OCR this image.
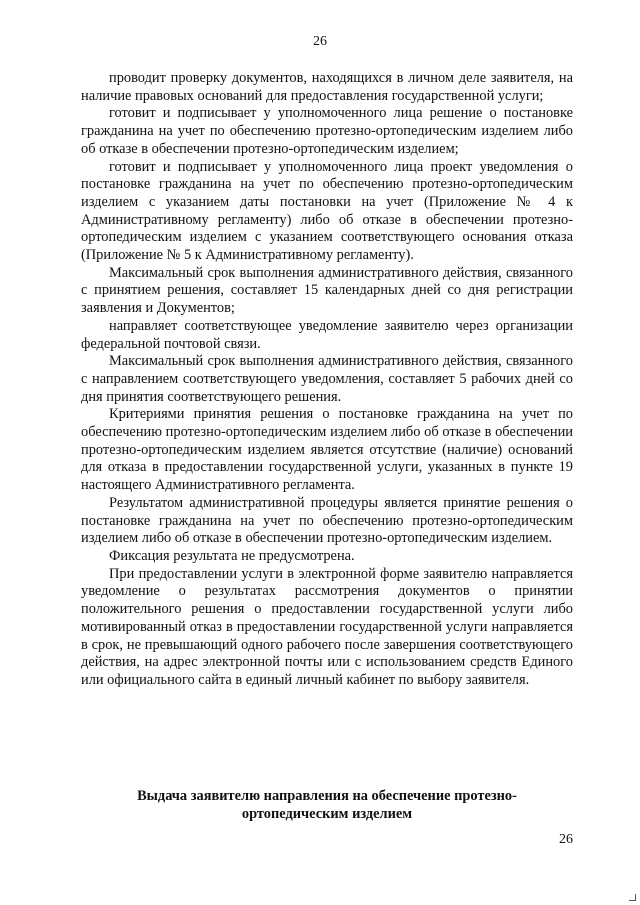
26

проводит проверку документов, находящихся в личном деле заявителя, на наличие правовых оснований для предоставления государственной услуги;

готовит и подписывает у уполномоченного лица решение о постановке гражданина на учет по обеспечению протезно-ортопедическим изделием либо об отказе в обеспечении протезно-ортопедическим изделием;

готовит и подписывает у уполномоченного лица проект уведомления о постановке гражданина на учет по обеспечению протезно-ортопедическим изделием с указанием даты постановки на учет (Приложение № 4 к Административному регламенту) либо об отказе в обеспечении протезно-ортопедическим изделием с указанием соответствующего основания отказа (Приложение № 5 к Административному регламенту).

Максимальный срок выполнения административного действия, связанного с принятием решения, составляет 15 календарных дней со дня регистрации заявления и Документов;

направляет соответствующее уведомление заявителю через организации федеральной почтовой связи.

Максимальный срок выполнения административного действия, связанного с направлением соответствующего уведомления, составляет 5 рабочих дней со дня принятия соответствующего решения.

Критериями принятия решения о постановке гражданина на учет по обеспечению протезно-ортопедическим изделием либо об отказе в обеспечении протезно-ортопедическим изделием является отсутствие (наличие) оснований для отказа в предоставлении государственной услуги, указанных в пункте 19 настоящего Административного регламента.

Результатом административной процедуры является принятие решения о постановке гражданина на учет по обеспечению протезно-ортопедическим изделием либо об отказе в обеспечении протезно-ортопедическим изделием.

Фиксация результата не предусмотрена.

При предоставлении услуги в электронной форме заявителю направляется уведомление о результатах рассмотрения документов о принятии положительного решения о предоставлении государственной услуги либо мотивированный отказ в предоставлении государственной услуги направляется в срок, не превышающий одного рабочего после завершения соответствующего действия, на адрес электронной почты или с использованием средств Единого или официального сайта в единый личный кабинет по выбору заявителя.

Выдача заявителю направления на обеспечение протезно-
ортопедическим изделием
26
